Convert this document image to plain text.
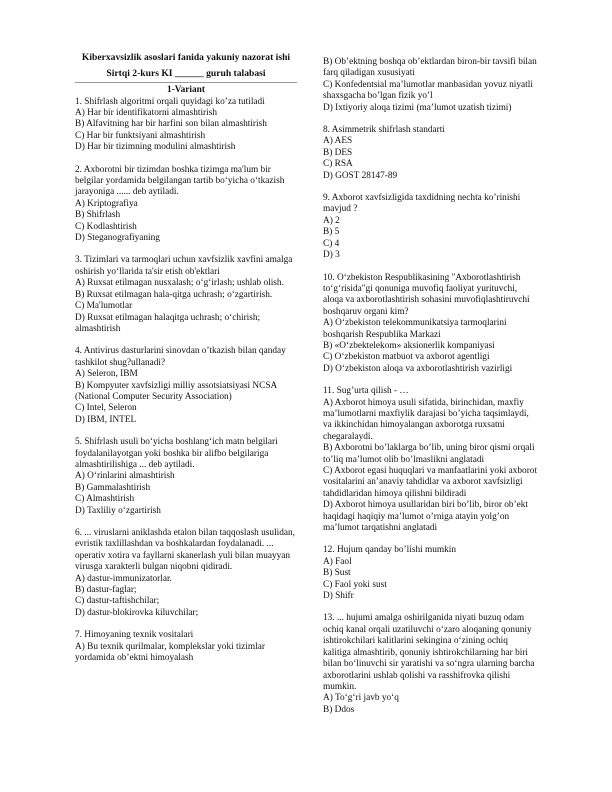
Kiberxavsizlik asoslari fanida yakuniy nazorat ishi
Sirtqi 2-kurs KI ______ guruh talabasi
1-Variant

1. Shifrlash algoritmi orqali quyidagi ko’za tutiladi

A) Har bir identifikatorni almashtirish
B) Alfavitning har bir harfini son bilan almashtirish
C) Har bir funktsiyani almashtirish
D) Har bir tizimning modulini almashtirish

2. Axborotni bir tizimdan boshka tizimga ma'lum bir belgilar yordamida belgilangan tartib bo‘yicha o‘tkazish jarayoniga ...... deb aytiladi.

A) Kriptografiya
B) Shifrlash
C) Kodlashtirish
D) Steganografiyaning

3. Tizimlari va tarmoqlari uchun xavfsizlik xavfini amalga oshirish yo‘llarida ta'sir etish ob'ektlari

A) Ruxsat etilmagan nusxalash; o‘g‘irlash; ushlab olish.
B) Ruxsat etilmagan hala-qitga uchrash; o‘zgartirish.
C) Ma'lumotlar
D) Ruxsat etilmagan halaqitga uchrash; o‘chirish; almashtirish

4. Antivirus dasturlarini sinovdan o’tkazish bilan qanday tashkilot shug?ullanadi?

A) Seleron, IBM
B) Kompyuter xavfsizligi milliy assotsiatsiyasi NCSA (National Computer Security Association)
C) Intel, Seleron
D) IBM, INTEL

5. Shifrlash usuli bo‘yicha boshlang‘ich matn belgilari foydalanilayotgan yoki boshka bir alifbo belgilariga almashtirilishiga ... deb aytiladi.

A) O‘rinlarini almashtirish
B) Gammalashtirish
C) Almashtirish
D) Taxliliy o‘zgartirish

6. ... viruslarni aniklashda etalon bilan taqqoslash usulidan, evristik taxlillashdan va boshkalardan foydalanadi. ... operativ xotira va fayllarni skanerlash yuli bilan muayyan virusga xarakterli bulgan niqobni qidiradi.

A) dastur-immunizatorlar.
B) dastur-faglar;
C) dastur-taftishchilar;
D) dastur-blokirovka kiluvchilar;

7. Himoyaning texnik vositalari

A) Bu texnik qurilmalar, komplekslar yoki tizimlar yordamida ob’ektni himoyalash
B) Ob’ektning boshqa ob’ektlardan biron-bir tavsifi bilan farq qiladigan xususiyati
C) Konfedentsial ma’lumotlar manbasidan yovuz niyatli shaxsgacha bo’lgan fizik yo’l
D) Ixtiyoriy aloqa tizimi (ma’lumot uzatish tizimi)

8. Asimmetrik shifrlash standarti

A) AES
B) DES
C) RSA
D) GOST 28147-89

9. Axborot xavfsizligida taxdidning nechta ko’rinishi mavjud ?

A) 2
B) 5
C) 4
D) 3

10. O‘zbekiston Respublikasining "Axborotlashtirish to‘g‘risida"gi qonuniga muvofiq faoliyat yurituvchi, aloqa va axborotlashtirish sohasini muvofiqlashtiruvchi boshqaruv organi kim?

A) O‘zbekiston telekommunikatsiya tarmoqlarini boshqarish Respublika Markazi
B) «O‘zbektelekom» aksionerlik kompaniyasi
C) O‘zbekiston matbuot va axborot agentligi
D) O‘zbekiston aloqa va axborotlashtirish vazirligi

11. Sug’urta qilish - …

A) Axborot himoya usuli sifatida, birinchidan, maxfiy ma’lumotlarni maxfiylik darajasi bo’yicha taqsimlaydi, va ikkinchidan himoyalangan axborotga ruxsatni chegaralaydi.
B) Axborotni bo’laklarga bo’lib, uning biror qismi orqali to’liq ma’lumot olib bo’lmaslikni anglatadi
C) Axborot egasi huquqlari va manfaatlarini yoki axborot vositalarini an’anaviy tahdidlar va axborot xavfsizligi tahdidlaridan himoya qilishni bildiradi
D) Axborot himoya usullaridan biri bo’lib, biror ob’ekt haqidagi haqiqiy ma’lumot o’rniga atayin yolg’on ma’lumot tarqatishni anglatadi

12. Hujum qanday bo’lishi mumkin

A) Faol
B) Sust
C) Faol yoki sust
D) Shifr

13. ... hujumi amalga oshirilganida niyati buzuq odam ochiq kanal orqali uzatiluvchi o‘zaro aloqaning qonuniy ishtirokchilari kalitlarini sekingina o‘zining ochiq kalitiga almashtirib, qonuniy ishtirokchilarning har biri bilan bo‘linuvchi sir yaratishi va so‘ngra ularning barcha axborotlarini ushlab qolishi va rasshifrovka qilishi mumkin.

A) To‘g‘ri javb yo‘q
B) Ddos
